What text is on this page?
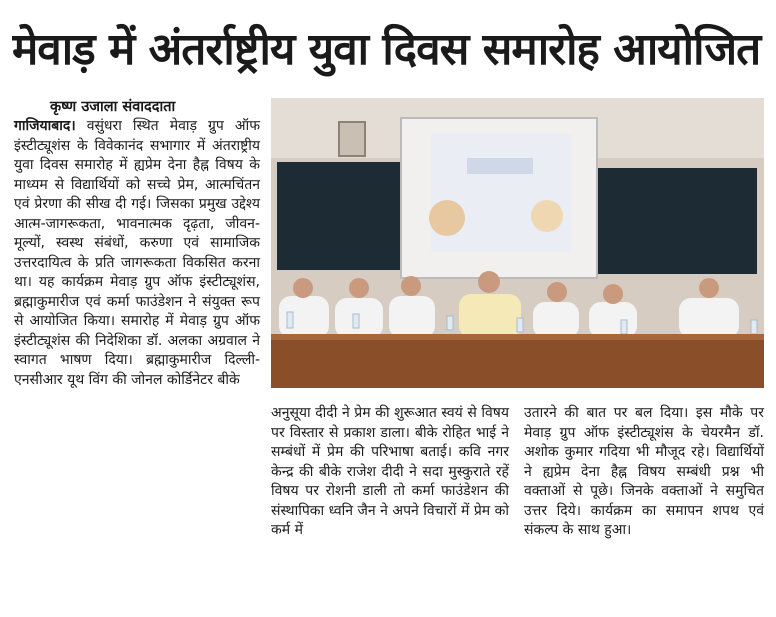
मेवाड़ में अंतर्राष्ट्रीय युवा दिवस समारोह आयोजित
कृष्ण उजाला संवाददाता

गाजियाबाद। वसुंधरा स्थित मेवाड़ ग्रुप ऑफ इंस्टीट्यूशंस के विवेकानंद सभागार में अंतराष्ट्रीय युवा दिवस समारोह में ह्यप्रेम देना हैह्न विषय के माध्यम से विद्यार्थियों को सच्चे प्रेम, आत्मचिंतन एवं प्रेरणा की सीख दी गई। जिसका प्रमुख उद्देश्य आत्म-जागरूकता, भावनात्मक दृढ़ता, जीवन-मूल्यों, स्वस्थ संबंधों, करुणा एवं सामाजिक उत्तरदायित्व के प्रति जागरूकता विकसित करना था। यह कार्यक्रम मेवाड़ ग्रुप ऑफ इंस्टीट्यूशंस, ब्रह्माकुमारीज एवं कर्मा फाउंडेशन ने संयुक्त रूप से आयोजित किया। समारोह में मेवाड़ ग्रुप ऑफ इंस्टीट्यूशंस की निदेशिका डॉ. अलका अग्रवाल ने स्वागत भाषण दिया। ब्रह्माकुमारीज दिल्ली-एनसीआर यूथ विंग की जोनल कोर्डिनेटर बीके

अनुसूया दीदी ने प्रेम की शुरूआत स्वयं से विषय पर विस्तार से प्रकाश डाला। बीके रोहित भाई ने सम्बंधों में प्रेम की परिभाषा बताई। कवि नगर केन्द्र की बीके राजेश दीदी ने सदा मुस्कुराते रहें विषय पर रोशनी डाली तो कर्मा फाउंडेशन की संस्थापिका ध्वनि जैन ने अपने विचारों में प्रेम को कर्म में

उतारने की बात पर बल दिया। इस मौके पर मेवाड़ ग्रुप ऑफ इंस्टीट्यूशंस के चेयरमैन डॉ. अशोक कुमार गदिया भी मौजूद रहे। विद्यार्थियों ने ह्यप्रेम देना हैह्न विषय सम्बंधी प्रश्न भी वक्ताओं से पूछे। जिनके वक्ताओं ने समुचित उत्तर दिये। कार्यक्रम का समापन शपथ एवं संकल्प के साथ हुआ।
